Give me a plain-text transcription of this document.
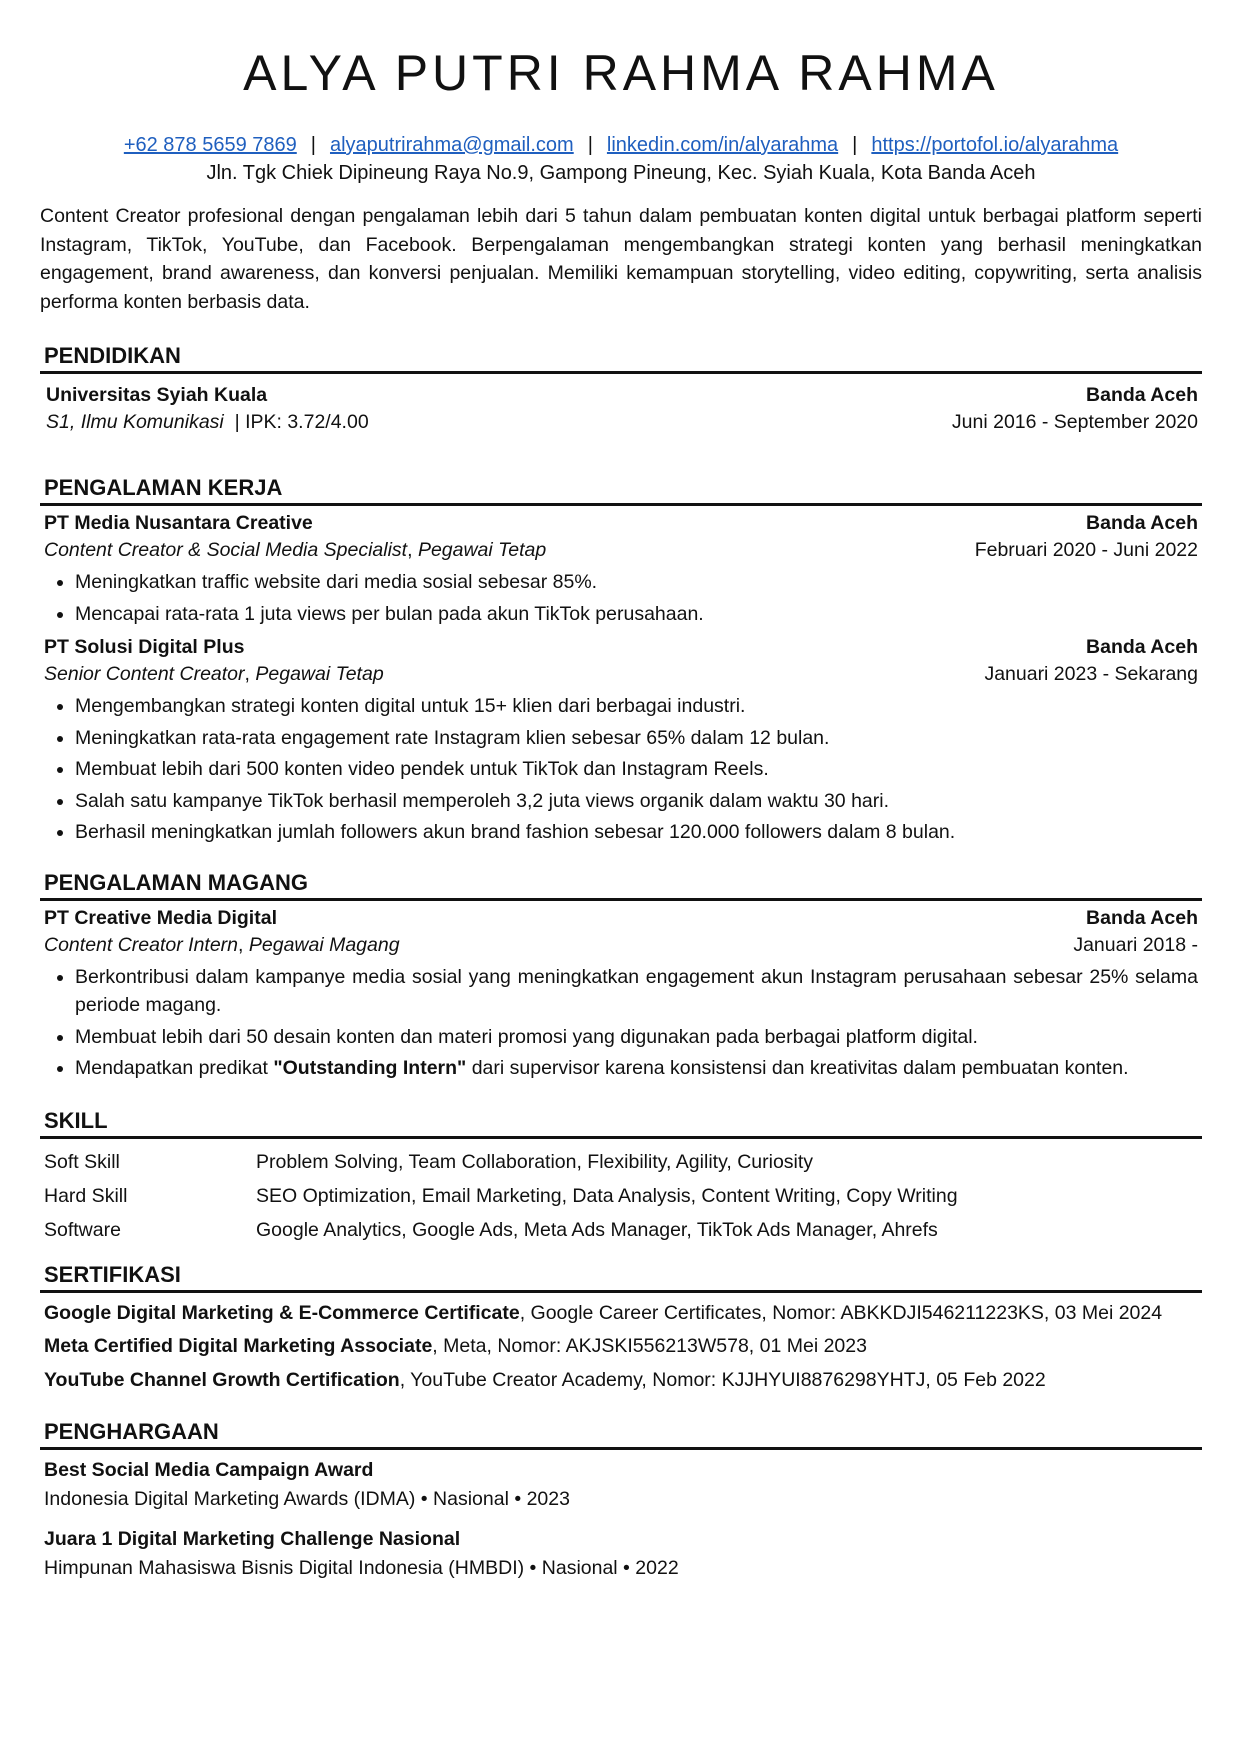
ALYA PUTRI RAHMA RAHMA
+62 878 5659 7869 | alyaputrirahma@gmail.com | linkedin.com/in/alyarahma | https://portofol.io/alyarahma
Jln. Tgk Chiek Dipineung Raya No.9, Gampong Pineung, Kec. Syiah Kuala, Kota Banda Aceh
Content Creator profesional dengan pengalaman lebih dari 5 tahun dalam pembuatan konten digital untuk berbagai platform seperti Instagram, TikTok, YouTube, dan Facebook. Berpengalaman mengembangkan strategi konten yang berhasil meningkatkan engagement, brand awareness, dan konversi penjualan. Memiliki kemampuan storytelling, video editing, copywriting, serta analisis performa konten berbasis data.
PENDIDIKAN
Universitas Syiah Kuala	Banda Aceh
S1, Ilmu Komunikasi  | IPK: 3.72/4.00	Juni 2016 - September 2020
PENGALAMAN KERJA
PT Media Nusantara Creative	Banda Aceh
Content Creator & Social Media Specialist, Pegawai Tetap	Februari 2020 - Juni 2022
• Meningkatkan traffic website dari media sosial sebesar 85%.
• Mencapai rata-rata 1 juta views per bulan pada akun TikTok perusahaan.
PT Solusi Digital Plus	Banda Aceh
Senior Content Creator, Pegawai Tetap	Januari 2023 - Sekarang
• Mengembangkan strategi konten digital untuk 15+ klien dari berbagai industri.
• Meningkatkan rata-rata engagement rate Instagram klien sebesar 65% dalam 12 bulan.
• Membuat lebih dari 500 konten video pendek untuk TikTok dan Instagram Reels.
• Salah satu kampanye TikTok berhasil memperoleh 3,2 juta views organik dalam waktu 30 hari.
• Berhasil meningkatkan jumlah followers akun brand fashion sebesar 120.000 followers dalam 8 bulan.
PENGALAMAN MAGANG
PT Creative Media Digital	Banda Aceh
Content Creator Intern, Pegawai Magang	Januari 2018 -
• Berkontribusi dalam kampanye media sosial yang meningkatkan engagement akun Instagram perusahaan sebesar 25% selama periode magang.
• Membuat lebih dari 50 desain konten dan materi promosi yang digunakan pada berbagai platform digital.
• Mendapatkan predikat "Outstanding Intern" dari supervisor karena konsistensi dan kreativitas dalam pembuatan konten.
SKILL
Soft Skill	Problem Solving, Team Collaboration, Flexibility, Agility, Curiosity
Hard Skill	SEO Optimization, Email Marketing, Data Analysis, Content Writing, Copy Writing
Software	Google Analytics, Google Ads, Meta Ads Manager, TikTok Ads Manager, Ahrefs
SERTIFIKASI
Google Digital Marketing & E-Commerce Certificate, Google Career Certificates, Nomor: ABKKDJI546211223KS, 03 Mei 2024
Meta Certified Digital Marketing Associate, Meta, Nomor: AKJSKI556213W578, 01 Mei 2023
YouTube Channel Growth Certification, YouTube Creator Academy, Nomor: KJJHYUI8876298YHTJ, 05 Feb 2022
PENGHARGAAN
Best Social Media Campaign Award
Indonesia Digital Marketing Awards (IDMA) • Nasional • 2023
Juara 1 Digital Marketing Challenge Nasional
Himpunan Mahasiswa Bisnis Digital Indonesia (HMBDI) • Nasional • 2022
